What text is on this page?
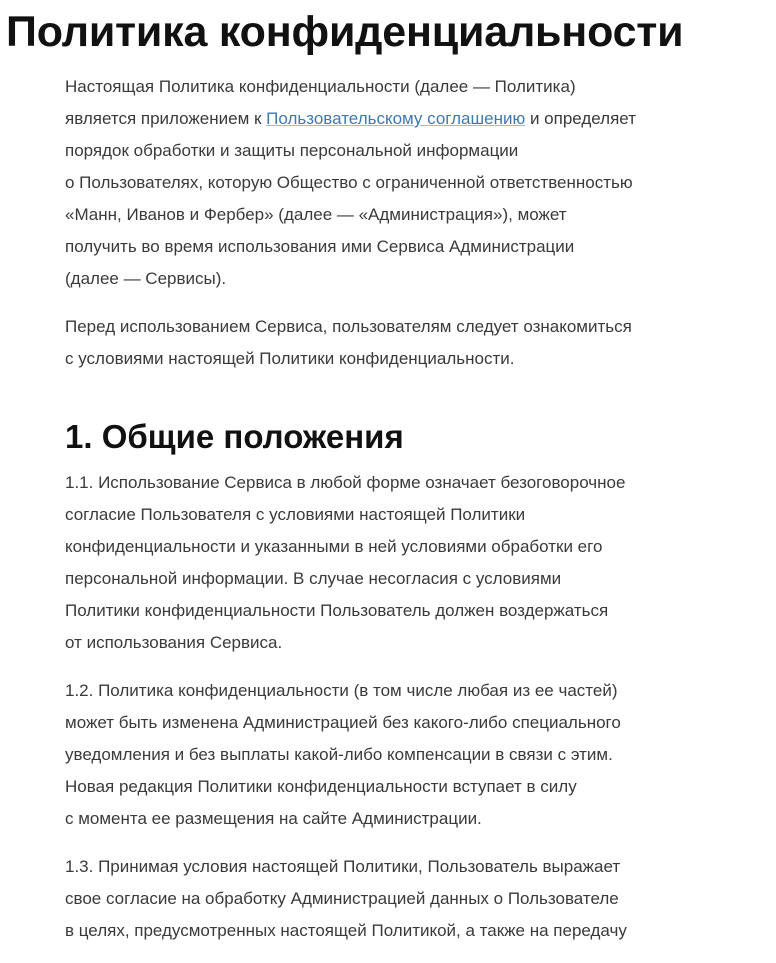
Политика конфиденциальности

Настоящая Политика конфиденциальности (далее — Политика)
является приложением к Пользовательскому соглашению и определяет
порядок обработки и защиты персональной информации
о Пользователях, которую Общество с ограниченной ответственностью
«Манн, Иванов и Фербер» (далее — «Администрация»), может
получить во время использования ими Сервиса Администрации
(далее — Сервисы).

Перед использованием Сервиса, пользователям следует ознакомиться
с условиями настоящей Политики конфиденциальности.

1. Общие положения

1.1. Использование Сервиса в любой форме означает безоговорочное
согласие Пользователя с условиями настоящей Политики
конфиденциальности и указанными в ней условиями обработки его
персональной информации. В случае несогласия с условиями
Политики конфиденциальности Пользователь должен воздержаться
от использования Сервиса.

1.2. Политика конфиденциальности (в том числе любая из ее частей)
может быть изменена Администрацией без какого-либо специального
уведомления и без выплаты какой-либо компенсации в связи с этим.
Новая редакция Политики конфиденциальности вступает в силу
с момента ее размещения на сайте Администрации.

1.3. Принимая условия настоящей Политики, Пользователь выражает
свое согласие на обработку Администрацией данных о Пользователе
в целях, предусмотренных настоящей Политикой, а также на передачу
